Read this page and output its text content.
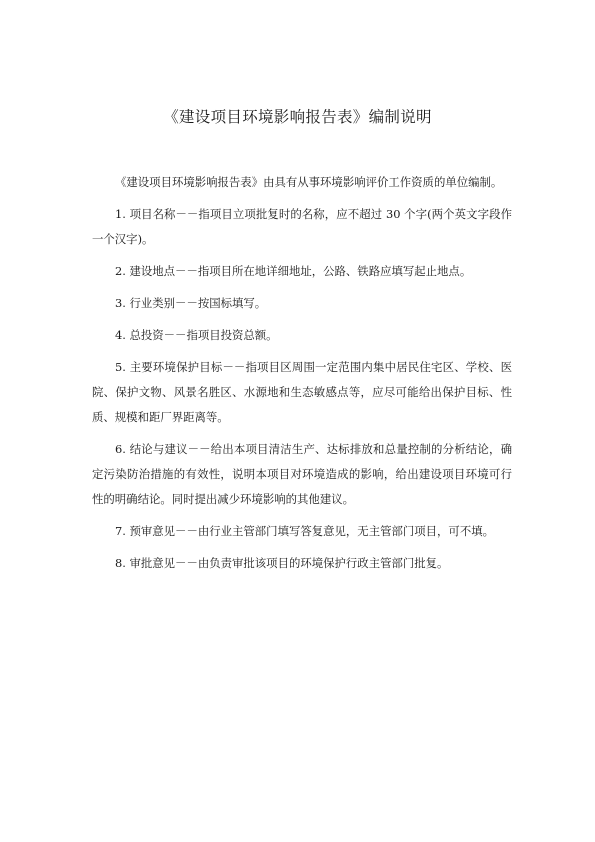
《建设项目环境影响报告表》编制说明

《建设项目环境影响报告表》由具有从事环境影响评价工作资质的单位编制。

1. 项目名称－－指项目立项批复时的名称，应不超过 30 个字(两个英文字段作一个汉字)。

2. 建设地点－－指项目所在地详细地址，公路、铁路应填写起止地点。

3. 行业类别－－按国标填写。

4. 总投资－－指项目投资总额。

5. 主要环境保护目标－－指项目区周围一定范围内集中居民住宅区、学校、医院、保护文物、风景名胜区、水源地和生态敏感点等，应尽可能给出保护目标、性质、规模和距厂界距离等。

6. 结论与建议－－给出本项目清洁生产、达标排放和总量控制的分析结论，确定污染防治措施的有效性，说明本项目对环境造成的影响，给出建设项目环境可行性的明确结论。同时提出减少环境影响的其他建议。

7. 预审意见－－由行业主管部门填写答复意见，无主管部门项目，可不填。

8. 审批意见－－由负责审批该项目的环境保护行政主管部门批复。
